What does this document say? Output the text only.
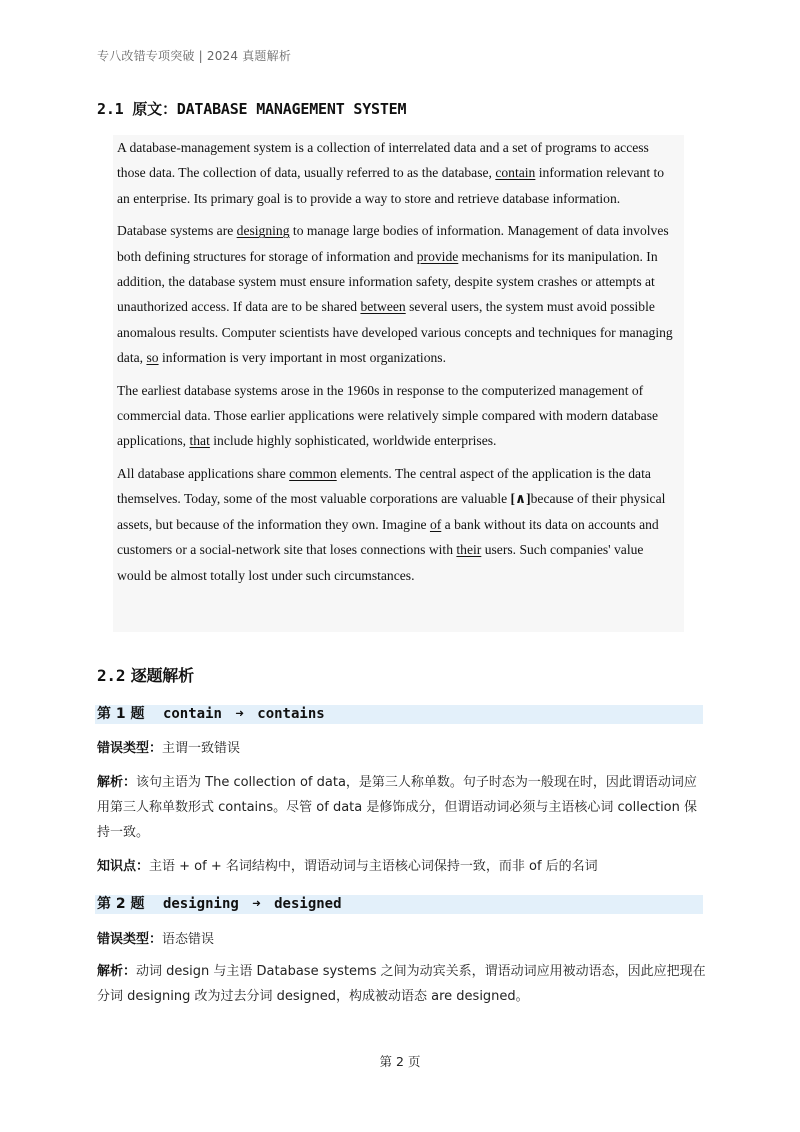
专八改错专项突破 | 2024 真题解析
2.1 原文：DATABASE MANAGEMENT SYSTEM

A database-management system is a collection of interrelated data and a set of programs to access those data. The collection of data, usually referred to as the database, contain information relevant to an enterprise. Its primary goal is to provide a way to store and retrieve database information.

Database systems are designing to manage large bodies of information. Management of data involves both defining structures for storage of information and provide mechanisms for its manipulation. In addition, the database system must ensure information safety, despite system crashes or attempts at unauthorized access. If data are to be shared between several users, the system must avoid possible anomalous results. Computer scientists have developed various concepts and techniques for managing data, so information is very important in most organizations.

The earliest database systems arose in the 1960s in response to the computerized management of commercial data. Those earlier applications were relatively simple compared with modern database applications, that include highly sophisticated, worldwide enterprises.

All database applications share common elements. The central aspect of the application is the data themselves. Today, some of the most valuable corporations are valuable [∧]because of their physical assets, but because of the information they own. Imagine of a bank without its data on accounts and customers or a social-network site that loses connections with their users. Such companies' value would be almost totally lost under such circumstances.

2.2 逐题解析
第 1 题 contain ➜ contains
错误类型：主谓一致错误
解析：该句主语为 The collection of data，是第三人称单数。句子时态为一般现在时，因此谓语动词应用第三人称单数形式 contains。尽管 of data 是修饰成分，但谓语动词必须与主语核心词 collection 保持一致。
知识点：主语 + of + 名词结构中，谓语动词与主语核心词保持一致，而非 of 后的名词
第 2 题 designing ➜ designed
错误类型：语态错误
解析：动词 design 与主语 Database systems 之间为动宾关系，谓语动词应用被动语态，因此应把现在分词 designing 改为过去分词 designed，构成被动语态 are designed。
第 2 页
